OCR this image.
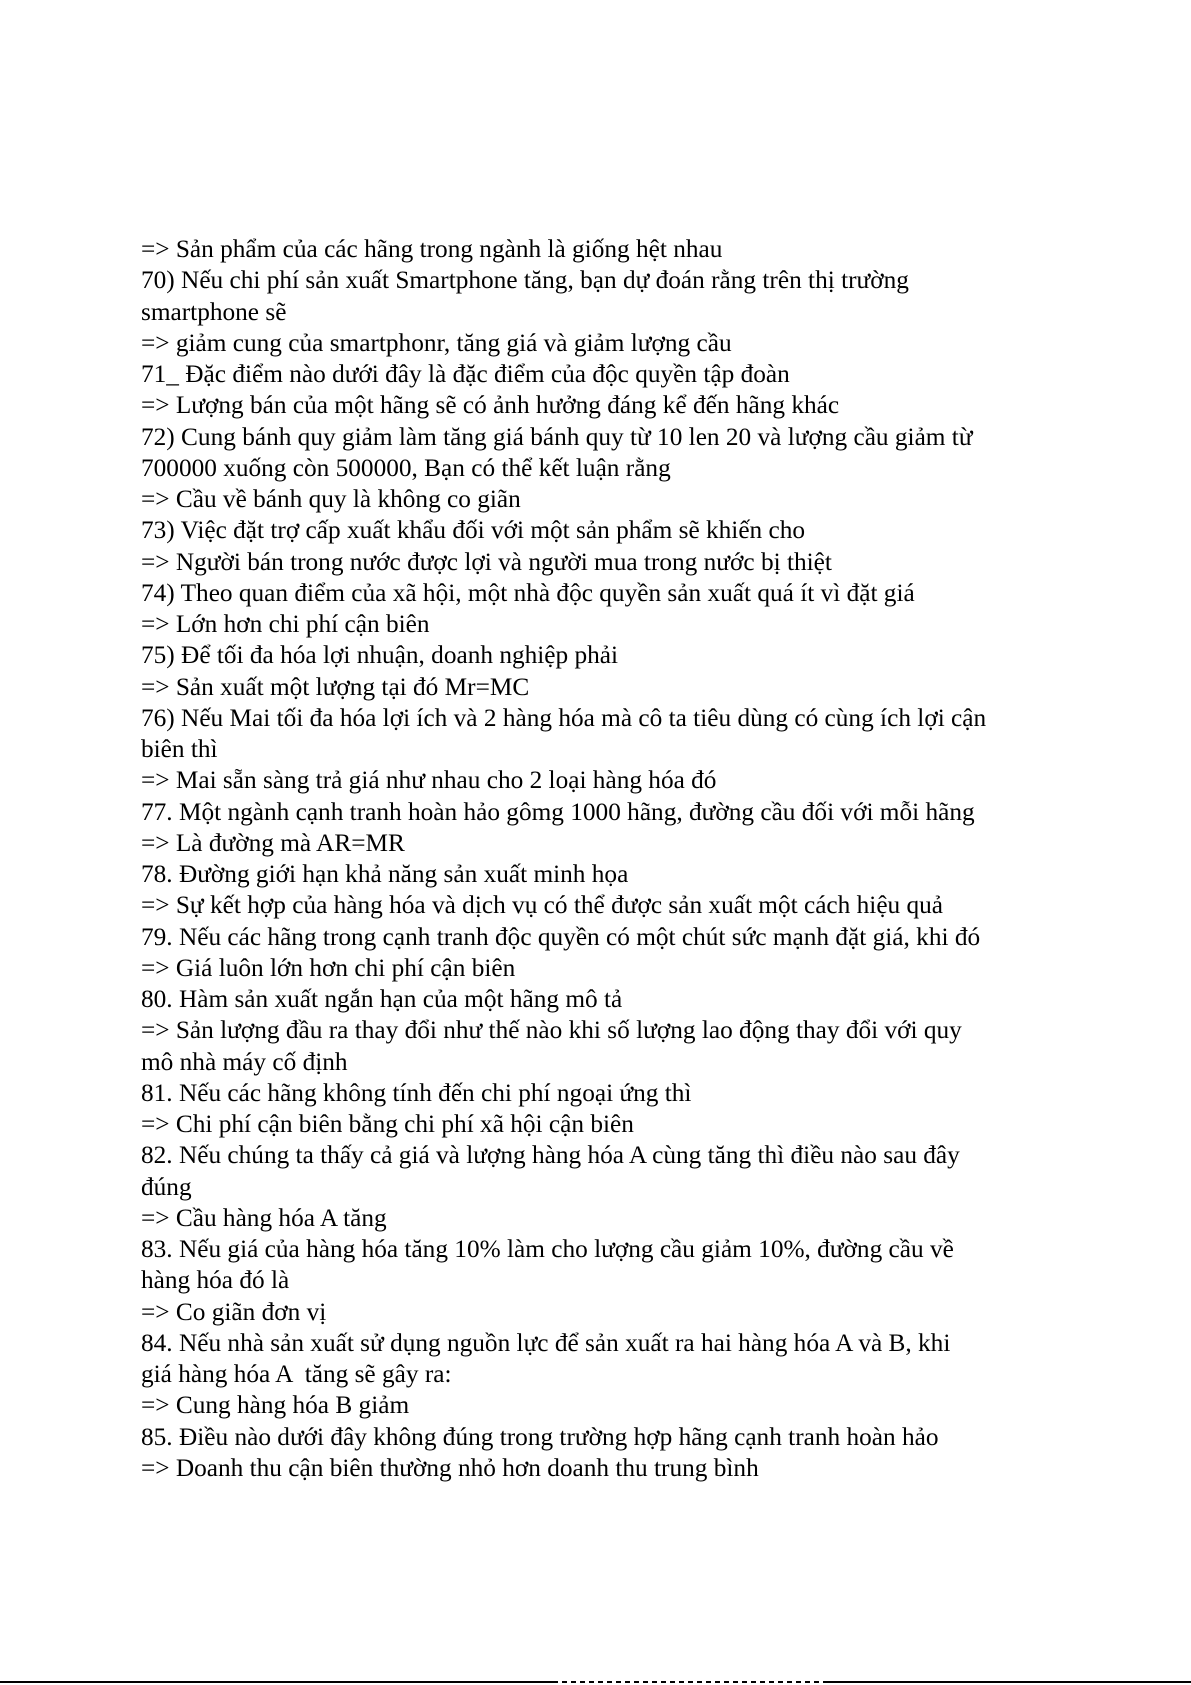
=> Sản phẩm của các hãng trong ngành là giống hệt nhau
70) Nếu chi phí sản xuất Smartphone tăng, bạn dự đoán rằng trên thị trường
smartphone sẽ
=> giảm cung của smartphonr, tăng giá và giảm lượng cầu
71_ Đặc điểm nào dưới đây là đặc điểm của độc quyền tập đoàn
=> Lượng bán của một hãng sẽ có ảnh hưởng đáng kể đến hãng khác
72) Cung bánh quy giảm làm tăng giá bánh quy từ 10 len 20 và lượng cầu giảm từ
700000 xuống còn 500000, Bạn có thể kết luận rằng
=> Cầu về bánh quy là không co giãn
73) Việc đặt trợ cấp xuất khẩu đối với một sản phẩm sẽ khiến cho
=> Người bán trong nước được lợi và người mua trong nước bị thiệt
74) Theo quan điểm của xã hội, một nhà độc quyền sản xuất quá ít vì đặt giá
=> Lớn hơn chi phí cận biên
75) Để tối đa hóa lợi nhuận, doanh nghiệp phải
=> Sản xuất một lượng tại đó Mr=MC
76) Nếu Mai tối đa hóa lợi ích và 2 hàng hóa mà cô ta tiêu dùng có cùng ích lợi cận
biên thì
=> Mai sẵn sàng trả giá như nhau cho 2 loại hàng hóa đó
77. Một ngành cạnh tranh hoàn hảo gômg 1000 hãng, đường cầu đối với mỗi hãng
=> Là đường mà AR=MR
78. Đường giới hạn khả năng sản xuất minh họa
=> Sự kết hợp của hàng hóa và dịch vụ có thể được sản xuất một cách hiệu quả
79. Nếu các hãng trong cạnh tranh độc quyền có một chút sức mạnh đặt giá, khi đó
=> Giá luôn lớn hơn chi phí cận biên
80. Hàm sản xuất ngắn hạn của một hãng mô tả
=> Sản lượng đầu ra thay đổi như thế nào khi số lượng lao động thay đổi với quy
mô nhà máy cố định
81. Nếu các hãng không tính đến chi phí ngoại ứng thì
=> Chi phí cận biên bằng chi phí xã hội cận biên
82. Nếu chúng ta thấy cả giá và lượng hàng hóa A cùng tăng thì điều nào sau đây
đúng
=> Cầu hàng hóa A tăng
83. Nếu giá của hàng hóa tăng 10% làm cho lượng cầu giảm 10%, đường cầu về
hàng hóa đó là
=> Co giãn đơn vị
84. Nếu nhà sản xuất sử dụng nguồn lực để sản xuất ra hai hàng hóa A và B, khi
giá hàng hóa A  tăng sẽ gây ra:
=> Cung hàng hóa B giảm
85. Điều nào dưới đây không đúng trong trường hợp hãng cạnh tranh hoàn hảo
=> Doanh thu cận biên thường nhỏ hơn doanh thu trung bình
